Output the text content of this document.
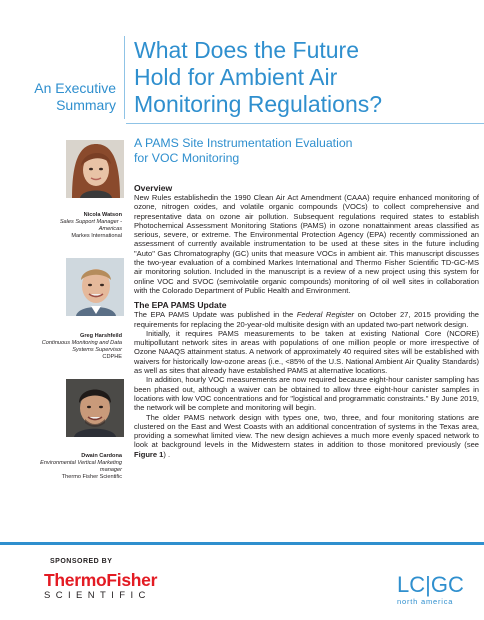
An Executive
Summary
What Does the Future
Hold for Ambient Air
Monitoring Regulations?
A PAMS Site Instrumentation Evaluation
for VOC Monitoring
Nicola Watson
Sales Support Manager -
Americas
Markes International
Greg Harshfeild
Continuous Monitoring and Data
Systems Supervisor
CDPHE
Dwain Cardona
Environmental Vertical Marketing
manager
Thermo Fisher Scientific
Overview

New Rules establishedin the 1990 Clean Air Act Amendment (CAAA) require enhanced monitoring of ozone, nitrogen oxides, and volatile organic compounds (VOCs) to collect comprehensive and representative data on ozone air pollution. Subsequent regulations required states to establish Photochemical Assessment Monitoring Stations (PAMS) in ozone nonattainment areas classified as serious, severe, or extreme. The Environmental Protection Agency (EPA) recently commissioned an assessment of currently available instrumentation to be used at these sites in the future including "Auto" Gas Chromatography (GC) units that measure VOCs in ambient air. This manuscript discusses the two-year evaluation of a combined Markes International and Thermo Fisher Scientific TD-GC-MS air monitoring solution. Included in the manuscript is a review of a new project using this system for online VOC and SVOC (semivolatile organic compounds) monitoring of oil well sites in collaboration with the Colorado Department of Public Health and Environment.

The EPA PAMS Update

The EPA PAMS Update was published in the Federal Register on October 27, 2015 providing the requirements for replacing the 20-year-old multisite design with an updated two-part network design.

Initially, it requires PAMS measurements to be taken at existing National Core (NCORE) multipollutant network sites in areas with populations of one million people or more irrespective of Ozone NAAQS attainment status. A network of approximately 40 required sites will be established with waivers for historically low-ozone areas (i.e., <85% of the U.S. National Ambient Air Quality Standards) as well as sites that already have established PAMS at alternative locations.

In addition, hourly VOC measurements are now required because eight-hour canister sampling has been phased out, although a waiver can be obtained to allow three eight-hour canister samples in locations with low VOC concentrations and for "logistical and programmatic constraints." By June 2019, the network will be complete and monitoring will begin.

The older PAMS network design with types one, two, three, and four monitoring stations are clustered on the East and West Coasts with an additional concentration of systems in the Texas area, providing a somewhat limited view. The new design achieves a much more evenly spaced network to look at background levels in the Midwestern states in addition to those monitored previously (see Figure 1) .

SPONSORED BY
ThermoFisher
SCIENTIFIC	LC|GC
north america
